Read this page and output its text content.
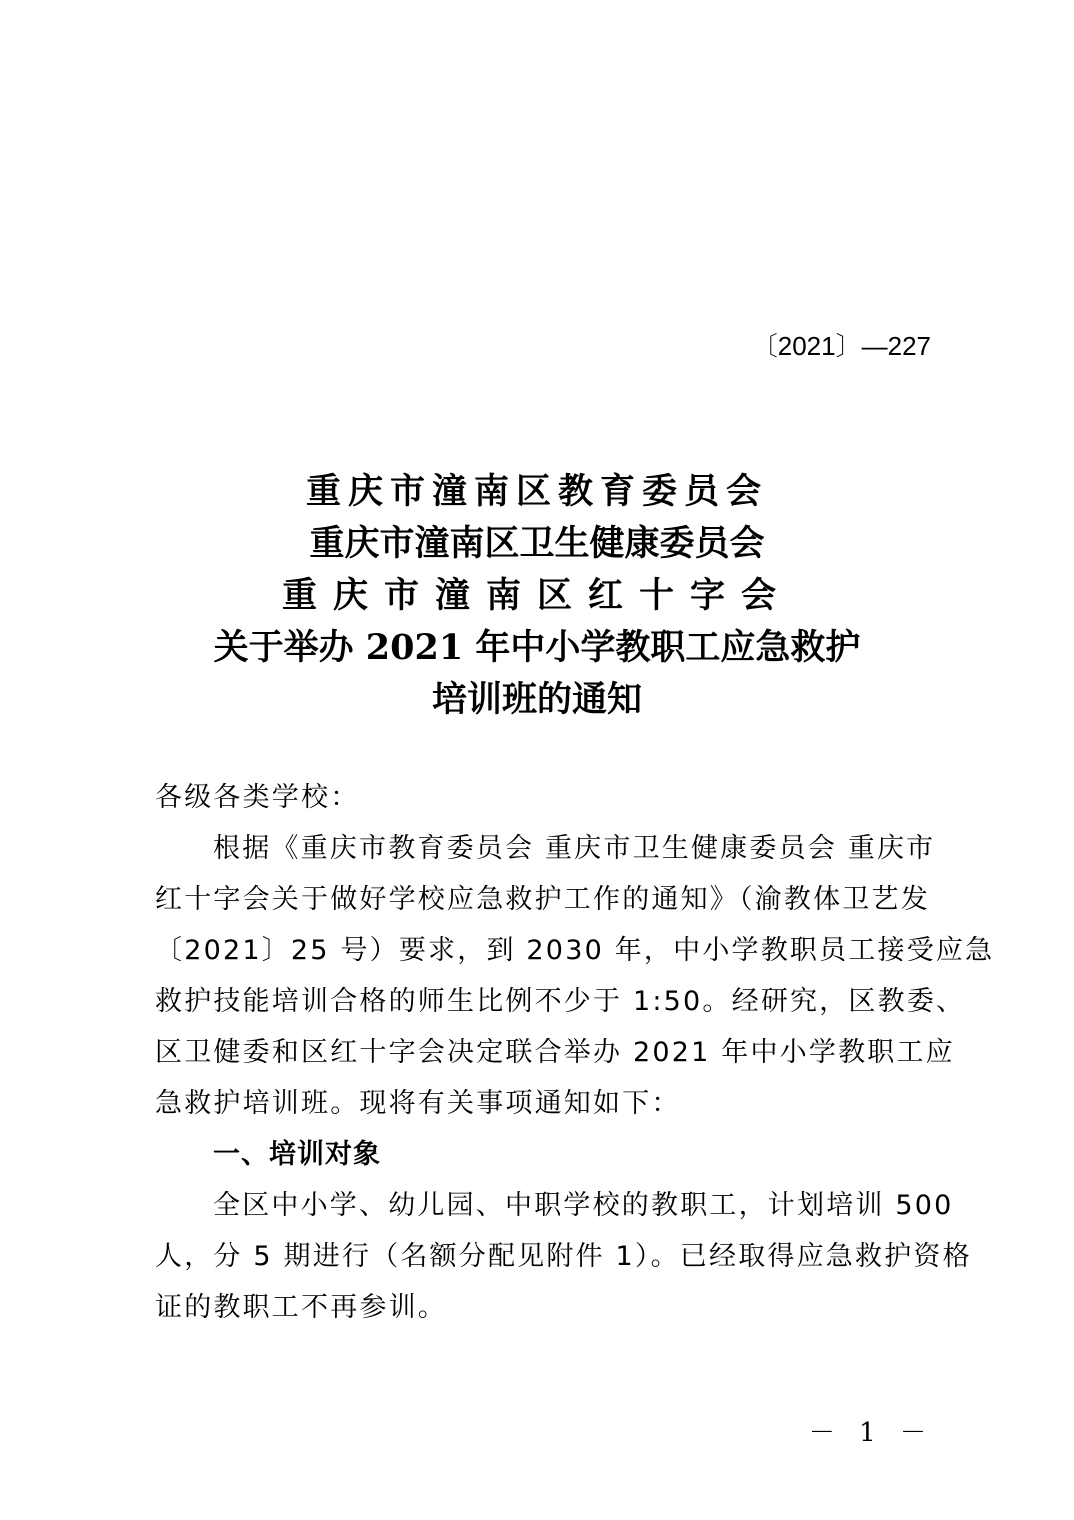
〔2021〕—227
重庆市潼南区教育委员会
重庆市潼南区卫生健康委员会
重庆市潼南区红十字会
关于举办 2021 年中小学教职工应急救护
培训班的通知
各级各类学校：
根据《重庆市教育委员会 重庆市卫生健康委员会 重庆市
红十字会关于做好学校应急救护工作的通知》（渝教体卫艺发
〔2021〕25 号）要求，到 2030 年，中小学教职员工接受应急
救护技能培训合格的师生比例不少于 1:50。经研究，区教委、
区卫健委和区红十字会决定联合举办 2021 年中小学教职工应
急救护培训班。现将有关事项通知如下：
一、培训对象
全区中小学、幼儿园、中职学校的教职工，计划培训 500
人，分 5 期进行（名额分配见附件 1）。已经取得应急救护资格
证的教职工不再参训。
－ 1 －
